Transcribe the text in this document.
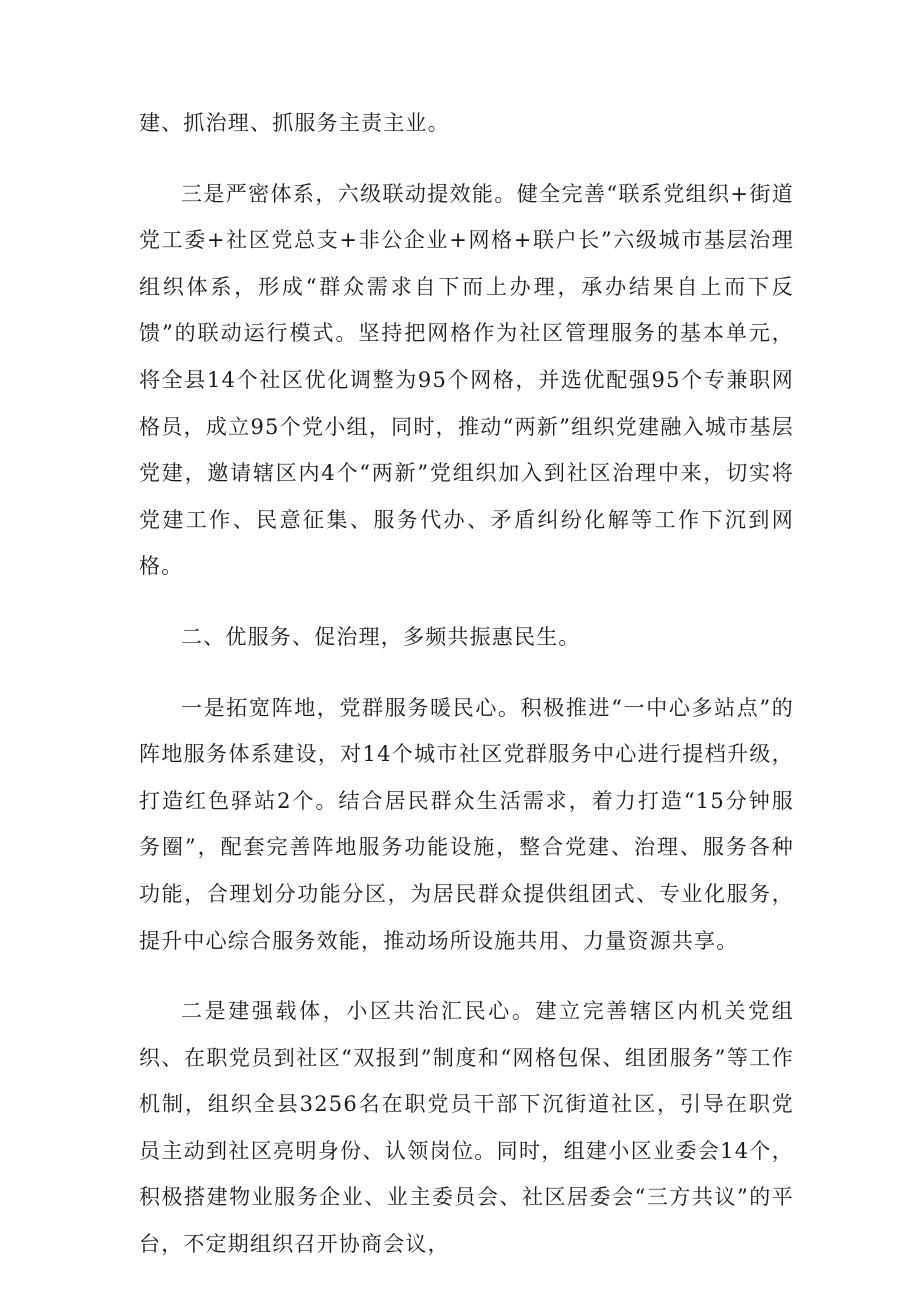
建、抓治理、抓服务主责主业。

三是严密体系，六级联动提效能。健全完善“联系党组织+街道党工委+社区党总支+非公企业+网格+联户长”六级城市基层治理组织体系，形成“群众需求自下而上办理，承办结果自上而下反馈”的联动运行模式。坚持把网格作为社区管理服务的基本单元，将全县14个社区优化调整为95个网格，并选优配强95个专兼职网格员，成立95个党小组，同时，推动“两新”组织党建融入城市基层党建，邀请辖区内4个“两新”党组织加入到社区治理中来，切实将党建工作、民意征集、服务代办、矛盾纠纷化解等工作下沉到网格。

二、优服务、促治理，多频共振惠民生。

一是拓宽阵地，党群服务暖民心。积极推进“一中心多站点”的阵地服务体系建设，对14个城市社区党群服务中心进行提档升级，打造红色驿站2个。结合居民群众生活需求，着力打造“15分钟服务圈”，配套完善阵地服务功能设施，整合党建、治理、服务各种功能，合理划分功能分区，为居民群众提供组团式、专业化服务，提升中心综合服务效能，推动场所设施共用、力量资源共享。

二是建强载体，小区共治汇民心。建立完善辖区内机关党组织、在职党员到社区“双报到”制度和“网格包保、组团服务”等工作机制，组织全县3256名在职党员干部下沉街道社区，引导在职党员主动到社区亮明身份、认领岗位。同时，组建小区业委会14个，积极搭建物业服务企业、业主委员会、社区居委会“三方共议”的平台，不定期组织召开协商会议，
